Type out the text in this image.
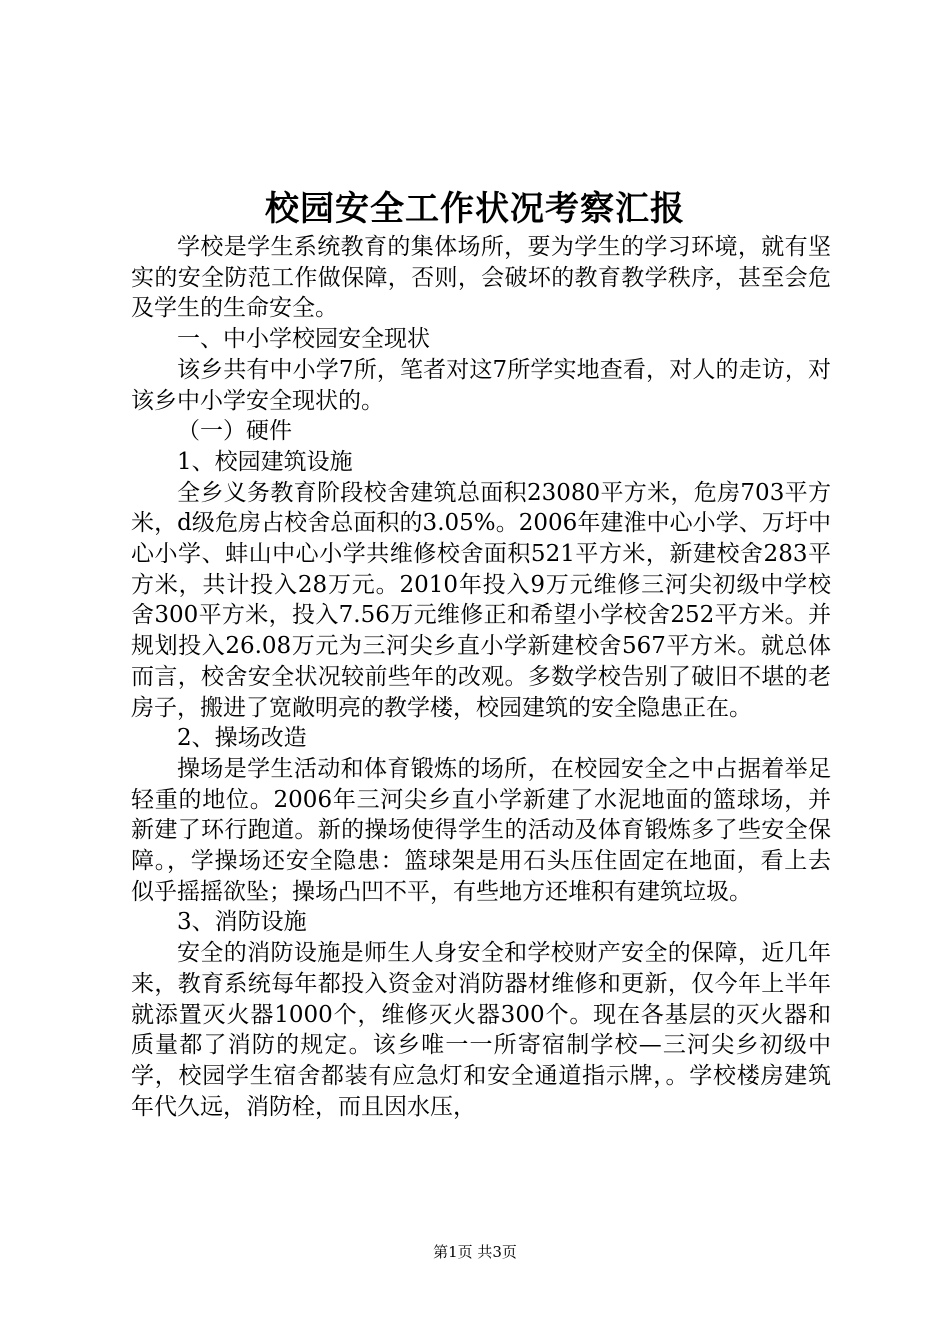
校园安全工作状况考察汇报

学校是学生系统教育的集体场所，要为学生的学习环境，就有坚实的安全防范工作做保障，否则，会破坏的教育教学秩序，甚至会危及学生的生命安全。

一、中小学校园安全现状

该乡共有中小学7所，笔者对这7所学实地查看，对人的走访，对该乡中小学安全现状的。

（一）硬件

1、校园建筑设施

全乡义务教育阶段校舍建筑总面积23080平方米，危房703平方米，d级危房占校舍总面积的3.05%。2006年建淮中心小学、万圩中心小学、蚌山中心小学共维修校舍面积521平方米，新建校舍283平方米，共计投入28万元。2010年投入9万元维修三河尖初级中学校舍300平方米，投入7.56万元维修正和希望小学校舍252平方米。并规划投入26.08万元为三河尖乡直小学新建校舍567平方米。就总体而言，校舍安全状况较前些年的改观。多数学校告别了破旧不堪的老房子，搬进了宽敞明亮的教学楼，校园建筑的安全隐患正在。

2、操场改造

操场是学生活动和体育锻炼的场所，在校园安全之中占据着举足轻重的地位。2006年三河尖乡直小学新建了水泥地面的篮球场，并新建了环行跑道。新的操场使得学生的活动及体育锻炼多了些安全保障。，学操场还安全隐患：篮球架是用石头压住固定在地面，看上去似乎摇摇欲坠；操场凸凹不平，有些地方还堆积有建筑垃圾。

3、消防设施

安全的消防设施是师生人身安全和学校财产安全的保障，近几年来，教育系统每年都投入资金对消防器材维修和更新，仅今年上半年就添置灭火器1000个，维修灭火器300个。现在各基层的灭火器和质量都了消防的规定。该乡唯一一所寄宿制学校—三河尖乡初级中学，校园学生宿舍都装有应急灯和安全通道指示牌，。学校楼房建筑年代久远，消防栓，而且因水压，

第1页 共3页
